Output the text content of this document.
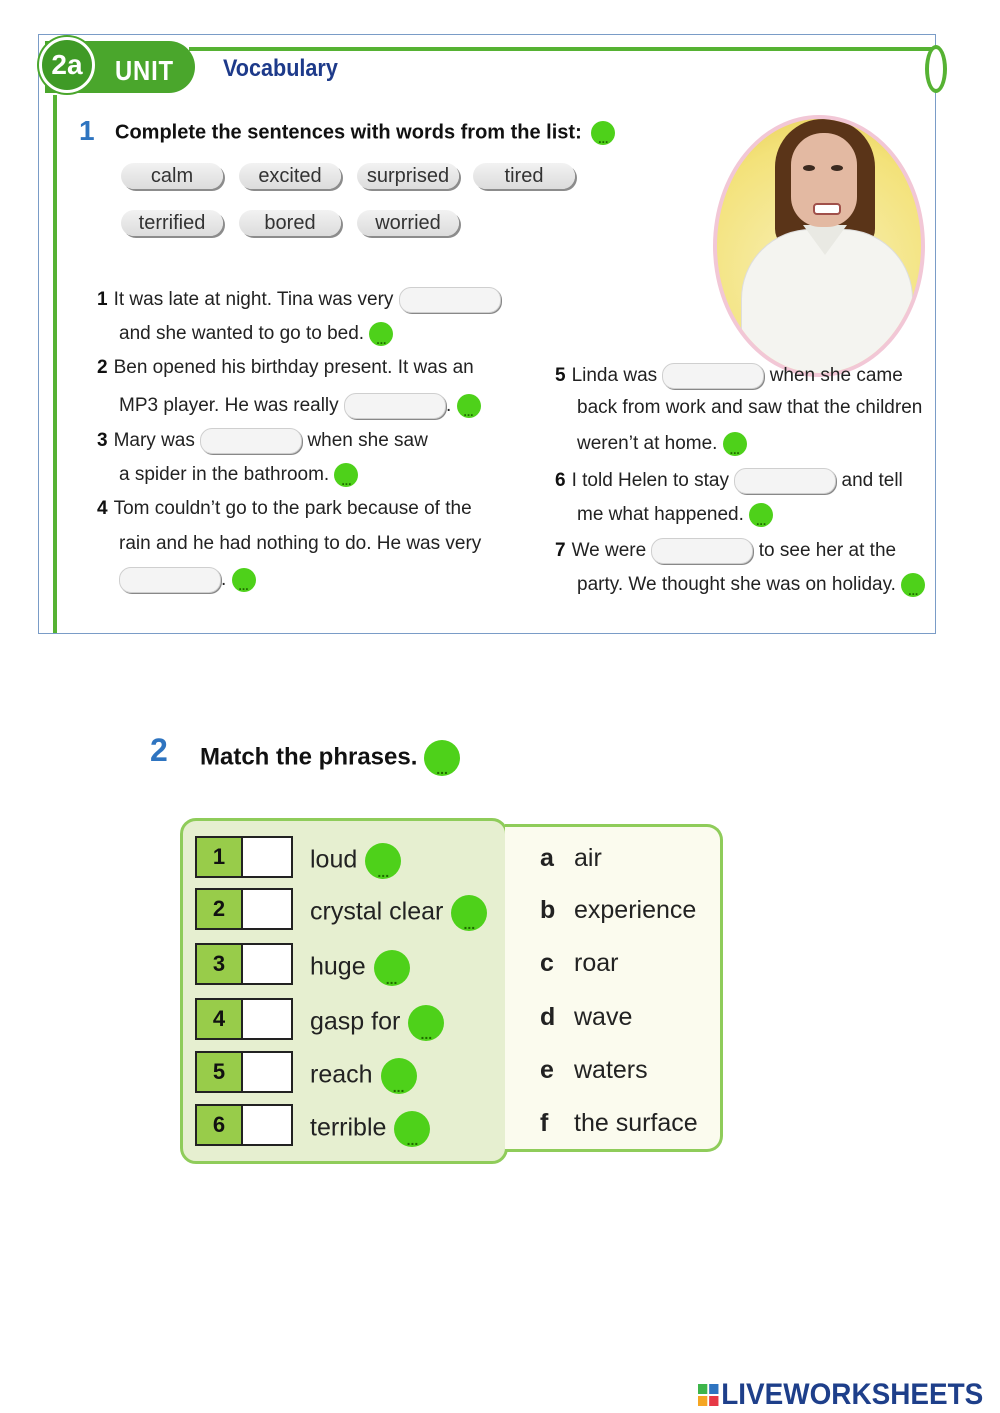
UNIT
2a	Vocabulary
1 Complete the sentences with words from the list: ...
calm	excited	surprised	tired
terrified	bored	worried
1 It was late at night. Tina was very
and she wanted to go to bed. ...
2 Ben opened his birthday present. It was an
MP3 player. He was really	. ...
3 Mary was	when she saw
a spider in the bathroom. ...
4 Tom couldn’t go to the park because of the
rain and he had nothing to do. He was very
. ...
5 Linda was	when she came
back from work and saw that the children
weren’t at home. ...
6 I told Helen to stay	and tell
me what happened. ...
7 We were	to see her at the
party. We thought she was on holiday. ...
2 Match the phrases. ...
1	loud...
2	crystal clear...
3	huge...
4	gasp for...
5	reach...
6	terrible...
a air
b experience
c roar
d wave
e waters
f the surface
LIVEWORKSHEETS
